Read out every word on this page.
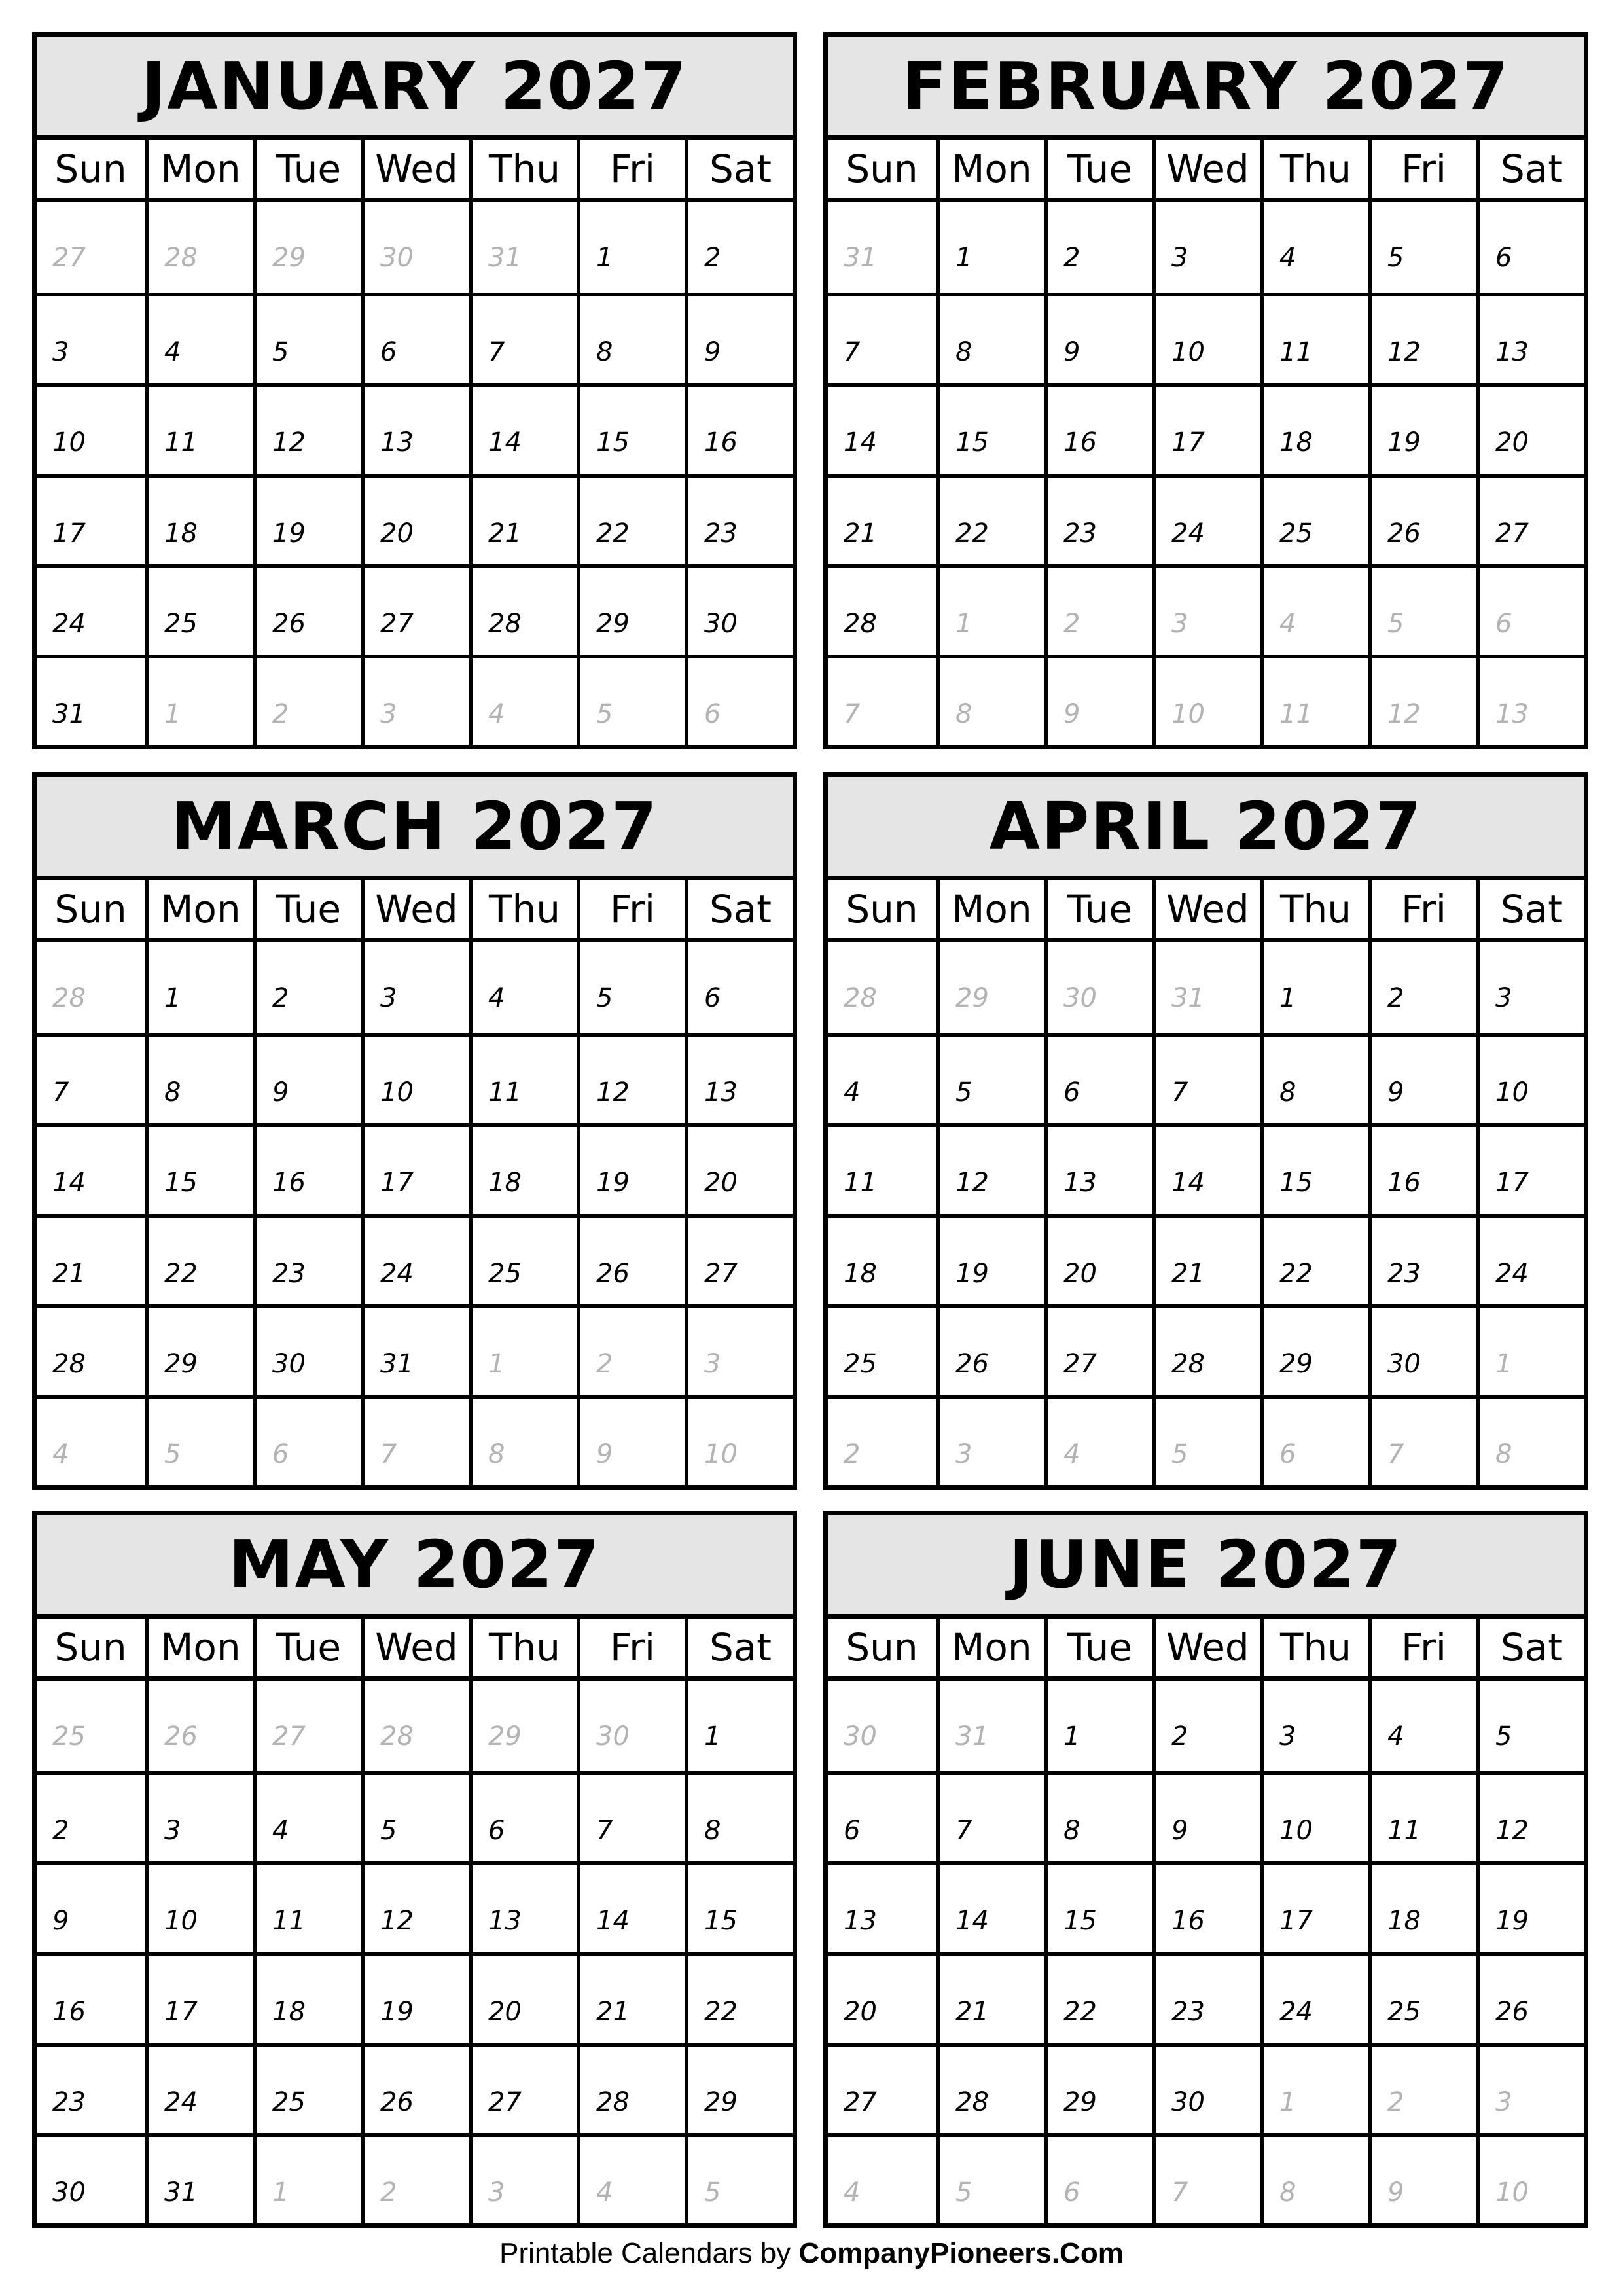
JANUARY 2027
Sun Mon Tue Wed Thu	Fri	Sat
27	28	29	30	31	1	2
3	4	5	6	7	8	9
10	11	12	13	14	15	16
17	18	19	20	21	22	23
24	25	26	27	28	29	30
31	1	2	3	4	5	6
FEBRUARY 2027
Sun Mon Tue Wed Thu	Fri	Sat
31	1	2	3	4	5	6
7	8	9	10	11	12	13
14	15	16	17	18	19	20
21	22	23	24	25	26	27
28	1	2	3	4	5	6
7	8	9	10	11	12	13
MARCH 2027
Sun Mon Tue Wed Thu	Fri	Sat
28	1	2	3	4	5	6
7	8	9	10	11	12	13
14	15	16	17	18	19	20
21	22	23	24	25	26	27
28	29	30	31	1	2	3
4	5	6	7	8	9	10
APRIL 2027
Sun Mon Tue Wed Thu	Fri	Sat
28	29	30	31	1	2	3
4	5	6	7	8	9	10
11	12	13	14	15	16	17
18	19	20	21	22	23	24
25	26	27	28	29	30	1
2	3	4	5	6	7	8
MAY 2027
Sun Mon Tue Wed Thu	Fri	Sat
25	26	27	28	29	30	1
2	3	4	5	6	7	8
9	10	11	12	13	14	15
16	17	18	19	20	21	22
23	24	25	26	27	28	29
30	31	1	2	3	4	5
JUNE 2027
Sun Mon Tue Wed Thu	Fri	Sat
30	31	1	2	3	4	5
6	7	8	9	10	11	12
13	14	15	16	17	18	19
20	21	22	23	24	25	26
27	28	29	30	1	2	3
4	5	6	7	8	9	10
Printable Calendars by CompanyPioneers.Com
